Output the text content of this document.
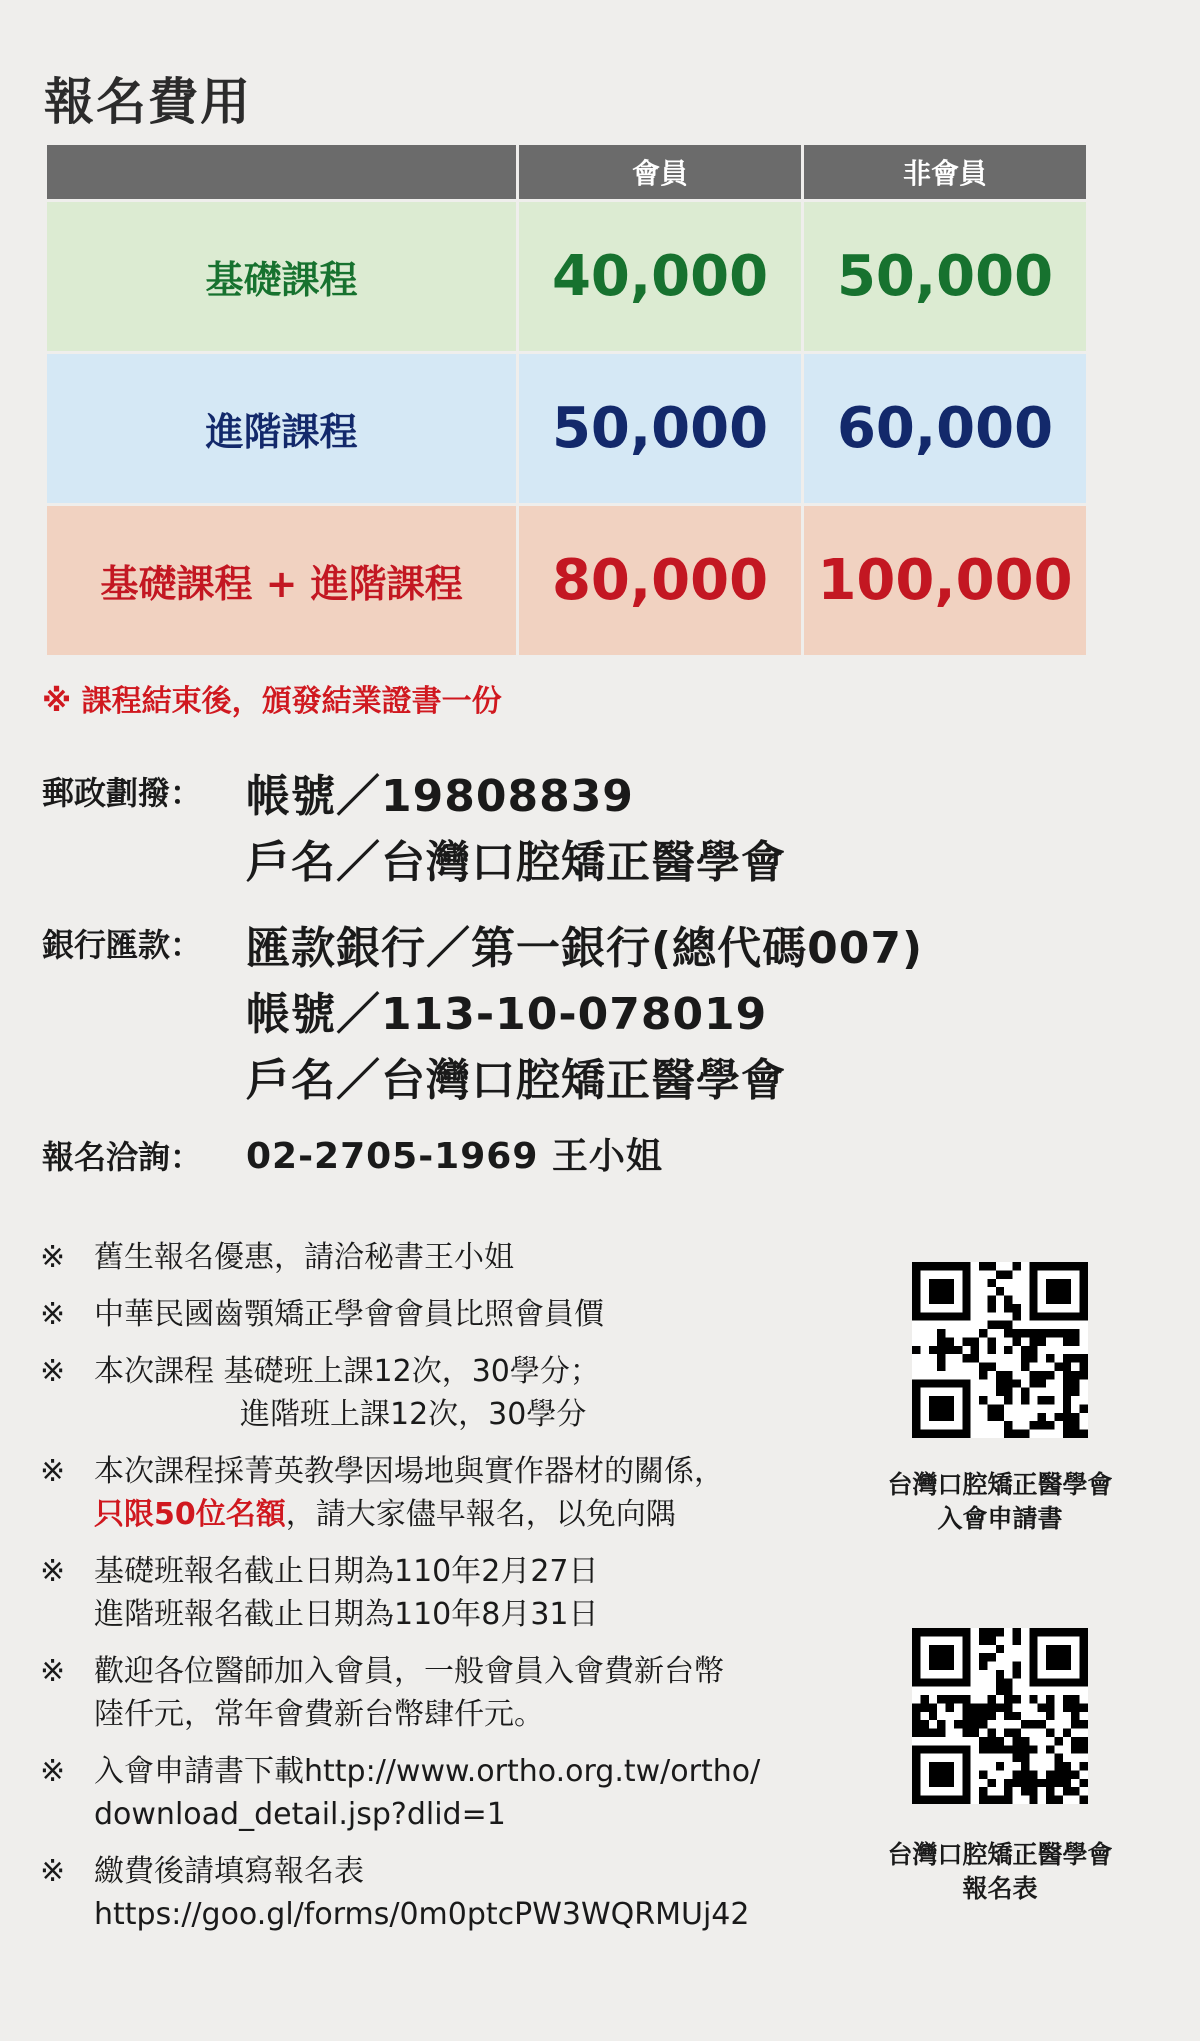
報名費用
	會員	非會員
基礎課程	40,000	50,000
進階課程	50,000	60,000
基礎課程 + 進階課程	80,000	100,000
※ 課程結束後，頒發結業證書一份
郵政劃撥： 帳號／19808839
戶名／台灣口腔矯正醫學會
銀行匯款： 匯款銀行／第一銀行(總代碼007)
帳號／113-10-078019
戶名／台灣口腔矯正醫學會
報名洽詢： 02-2705-1969 王小姐
※ 舊生報名優惠，請洽秘書王小姐
※ 中華民國齒顎矯正學會會員比照會員價
※ 本次課程 基礎班上課12次，30學分；
進階班上課12次，30學分
※ 本次課程採菁英教學因場地與實作器材的關係，
只限50位名額，請大家儘早報名，以免向隅
※ 基礎班報名截止日期為110年2月27日
進階班報名截止日期為110年8月31日
※ 歡迎各位醫師加入會員，一般會員入會費新台幣
陸仟元，常年會費新台幣肆仟元。
※ 入會申請書下載http://www.ortho.org.tw/ortho/
download_detail.jsp?dlid=1
※ 繳費後請填寫報名表
https://goo.gl/forms/0m0ptcPW3WQRMUj42
台灣口腔矯正醫學會
入會申請書
台灣口腔矯正醫學會
報名表
